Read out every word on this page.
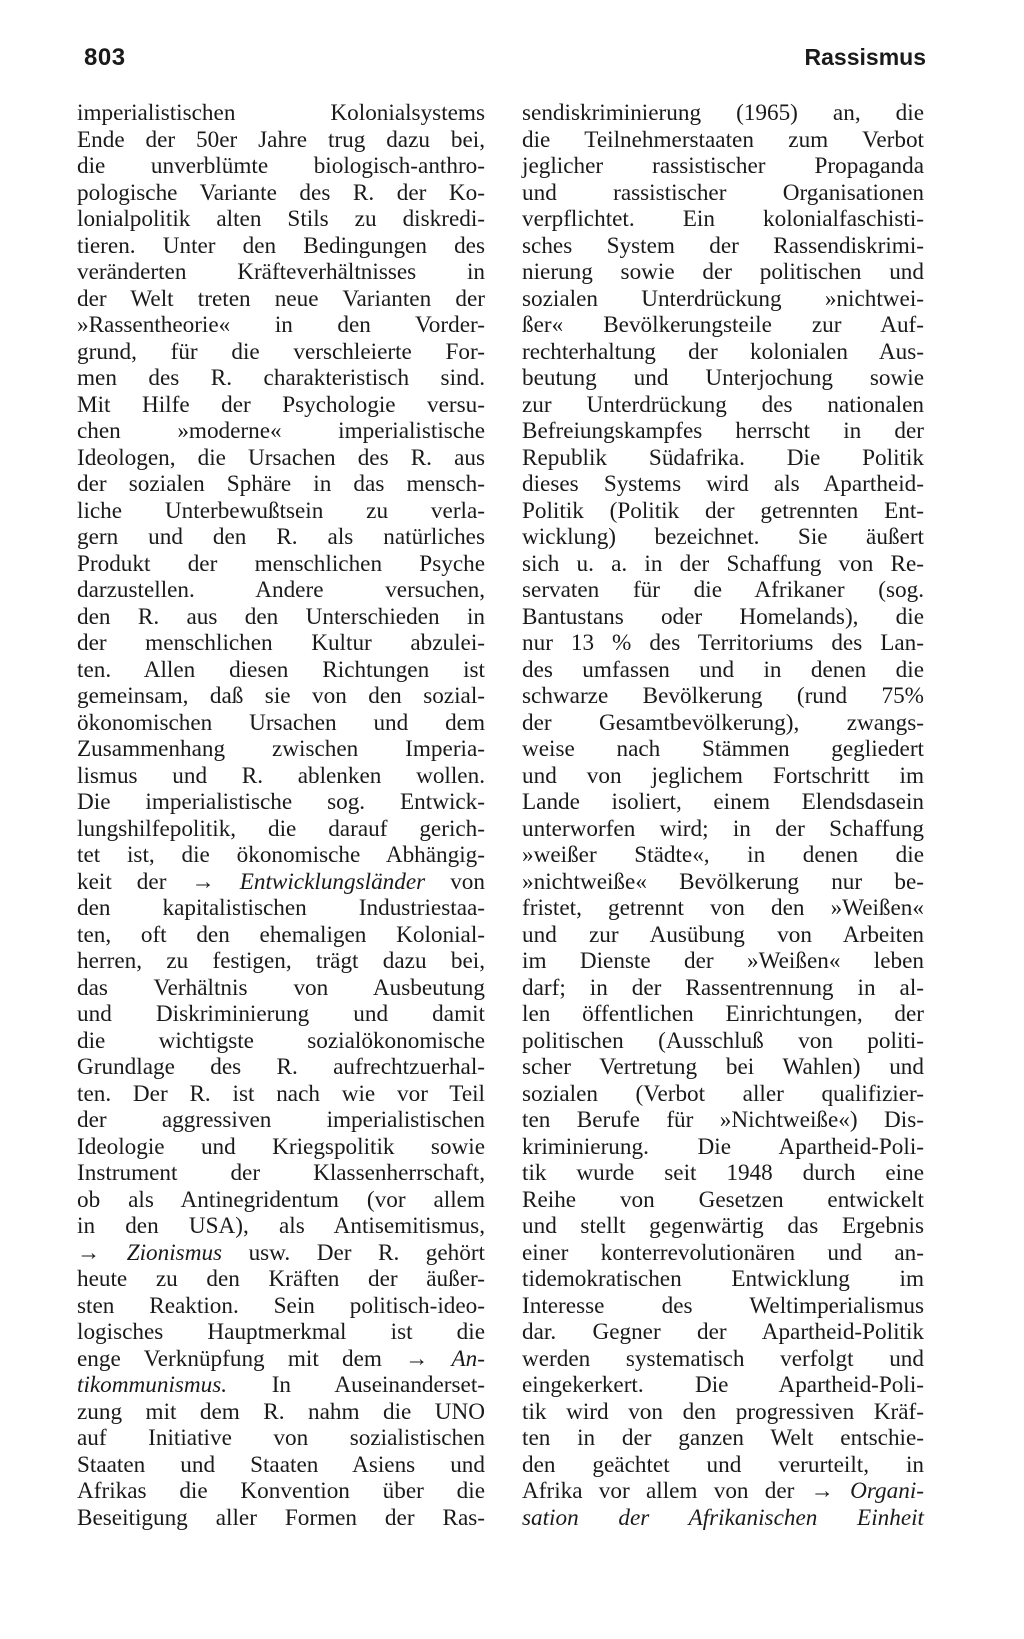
803	Rassismus
imperialistischen Kolonialsystems
Ende der 50er Jahre trug dazu bei,
die unverblümte biologisch-anthro-
pologische Variante des R. der Ko-
lonialpolitik alten Stils zu diskredi-
tieren. Unter den Bedingungen des
veränderten Kräfteverhältnisses in
der Welt treten neue Varianten der
»Rassentheorie« in den Vorder-
grund, für die verschleierte For-
men des R. charakteristisch sind.
Mit Hilfe der Psychologie versu-
chen »moderne« imperialistische
Ideologen, die Ursachen des R. aus
der sozialen Sphäre in das mensch-
liche Unterbewußtsein zu verla-
gern und den R. als natürliches
Produkt der menschlichen Psyche
darzustellen. Andere versuchen,
den R. aus den Unterschieden in
der menschlichen Kultur abzulei-
ten. Allen diesen Richtungen ist
gemeinsam, daß sie von den sozial-
ökonomischen Ursachen und dem
Zusammenhang zwischen Imperia-
lismus und R. ablenken wollen.
Die imperialistische sog. Entwick-
lungshilfepolitik, die darauf gerich-
tet ist, die ökonomische Abhängig-
keit der → Entwicklungsländer von
den kapitalistischen Industriestaa-
ten, oft den ehemaligen Kolonial-
herren, zu festigen, trägt dazu bei,
das Verhältnis von Ausbeutung
und Diskriminierung und damit
die wichtigste sozialökonomische
Grundlage des R. aufrechtzuerhal-
ten. Der R. ist nach wie vor Teil
der aggressiven imperialistischen
Ideologie und Kriegspolitik sowie
Instrument der Klassenherrschaft,
ob als Antinegridentum (vor allem
in den USA), als Antisemitismus,
→ Zionismus usw. Der R. gehört
heute zu den Kräften der äußer-
sten Reaktion. Sein politisch-ideo-
logisches Hauptmerkmal ist die
enge Verknüpfung mit dem → An-
tikommunismus. In Auseinanderset-
zung mit dem R. nahm die UNO
auf Initiative von sozialistischen
Staaten und Staaten Asiens und
Afrikas die Konvention über die
Beseitigung aller Formen der Ras-
sendiskriminierung (1965) an, die
die Teilnehmerstaaten zum Verbot
jeglicher rassistischer Propaganda
und rassistischer Organisationen
verpflichtet. Ein kolonialfaschisti-
sches System der Rassendiskrimi-
nierung sowie der politischen und
sozialen Unterdrückung »nichtwei-
ßer« Bevölkerungsteile zur Auf-
rechterhaltung der kolonialen Aus-
beutung und Unterjochung sowie
zur Unterdrückung des nationalen
Befreiungskampfes herrscht in der
Republik Südafrika. Die Politik
dieses Systems wird als Apartheid-
Politik (Politik der getrennten Ent-
wicklung) bezeichnet. Sie äußert
sich u. a. in der Schaffung von Re-
servaten für die Afrikaner (sog.
Bantustans oder Homelands), die
nur 13 % des Territoriums des Lan-
des umfassen und in denen die
schwarze Bevölkerung (rund 75%
der Gesamtbevölkerung), zwangs-
weise nach Stämmen gegliedert
und von jeglichem Fortschritt im
Lande isoliert, einem Elendsdasein
unterworfen wird; in der Schaffung
»weißer Städte«, in denen die
»nichtweiße« Bevölkerung nur be-
fristet, getrennt von den »Weißen«
und zur Ausübung von Arbeiten
im Dienste der »Weißen« leben
darf; in der Rassentrennung in al-
len öffentlichen Einrichtungen, der
politischen (Ausschluß von politi-
scher Vertretung bei Wahlen) und
sozialen (Verbot aller qualifizier-
ten Berufe für »Nichtweiße«) Dis-
kriminierung. Die Apartheid-Poli-
tik wurde seit 1948 durch eine
Reihe von Gesetzen entwickelt
und stellt gegenwärtig das Ergebnis
einer konterrevolutionären und an-
tidemokratischen Entwicklung im
Interesse des Weltimperialismus
dar. Gegner der Apartheid-Politik
werden systematisch verfolgt und
eingekerkert. Die Apartheid-Poli-
tik wird von den progressiven Kräf-
ten in der ganzen Welt entschie-
den geächtet und verurteilt, in
Afrika vor allem von der → Organi-
sation der Afrikanischen Einheit
